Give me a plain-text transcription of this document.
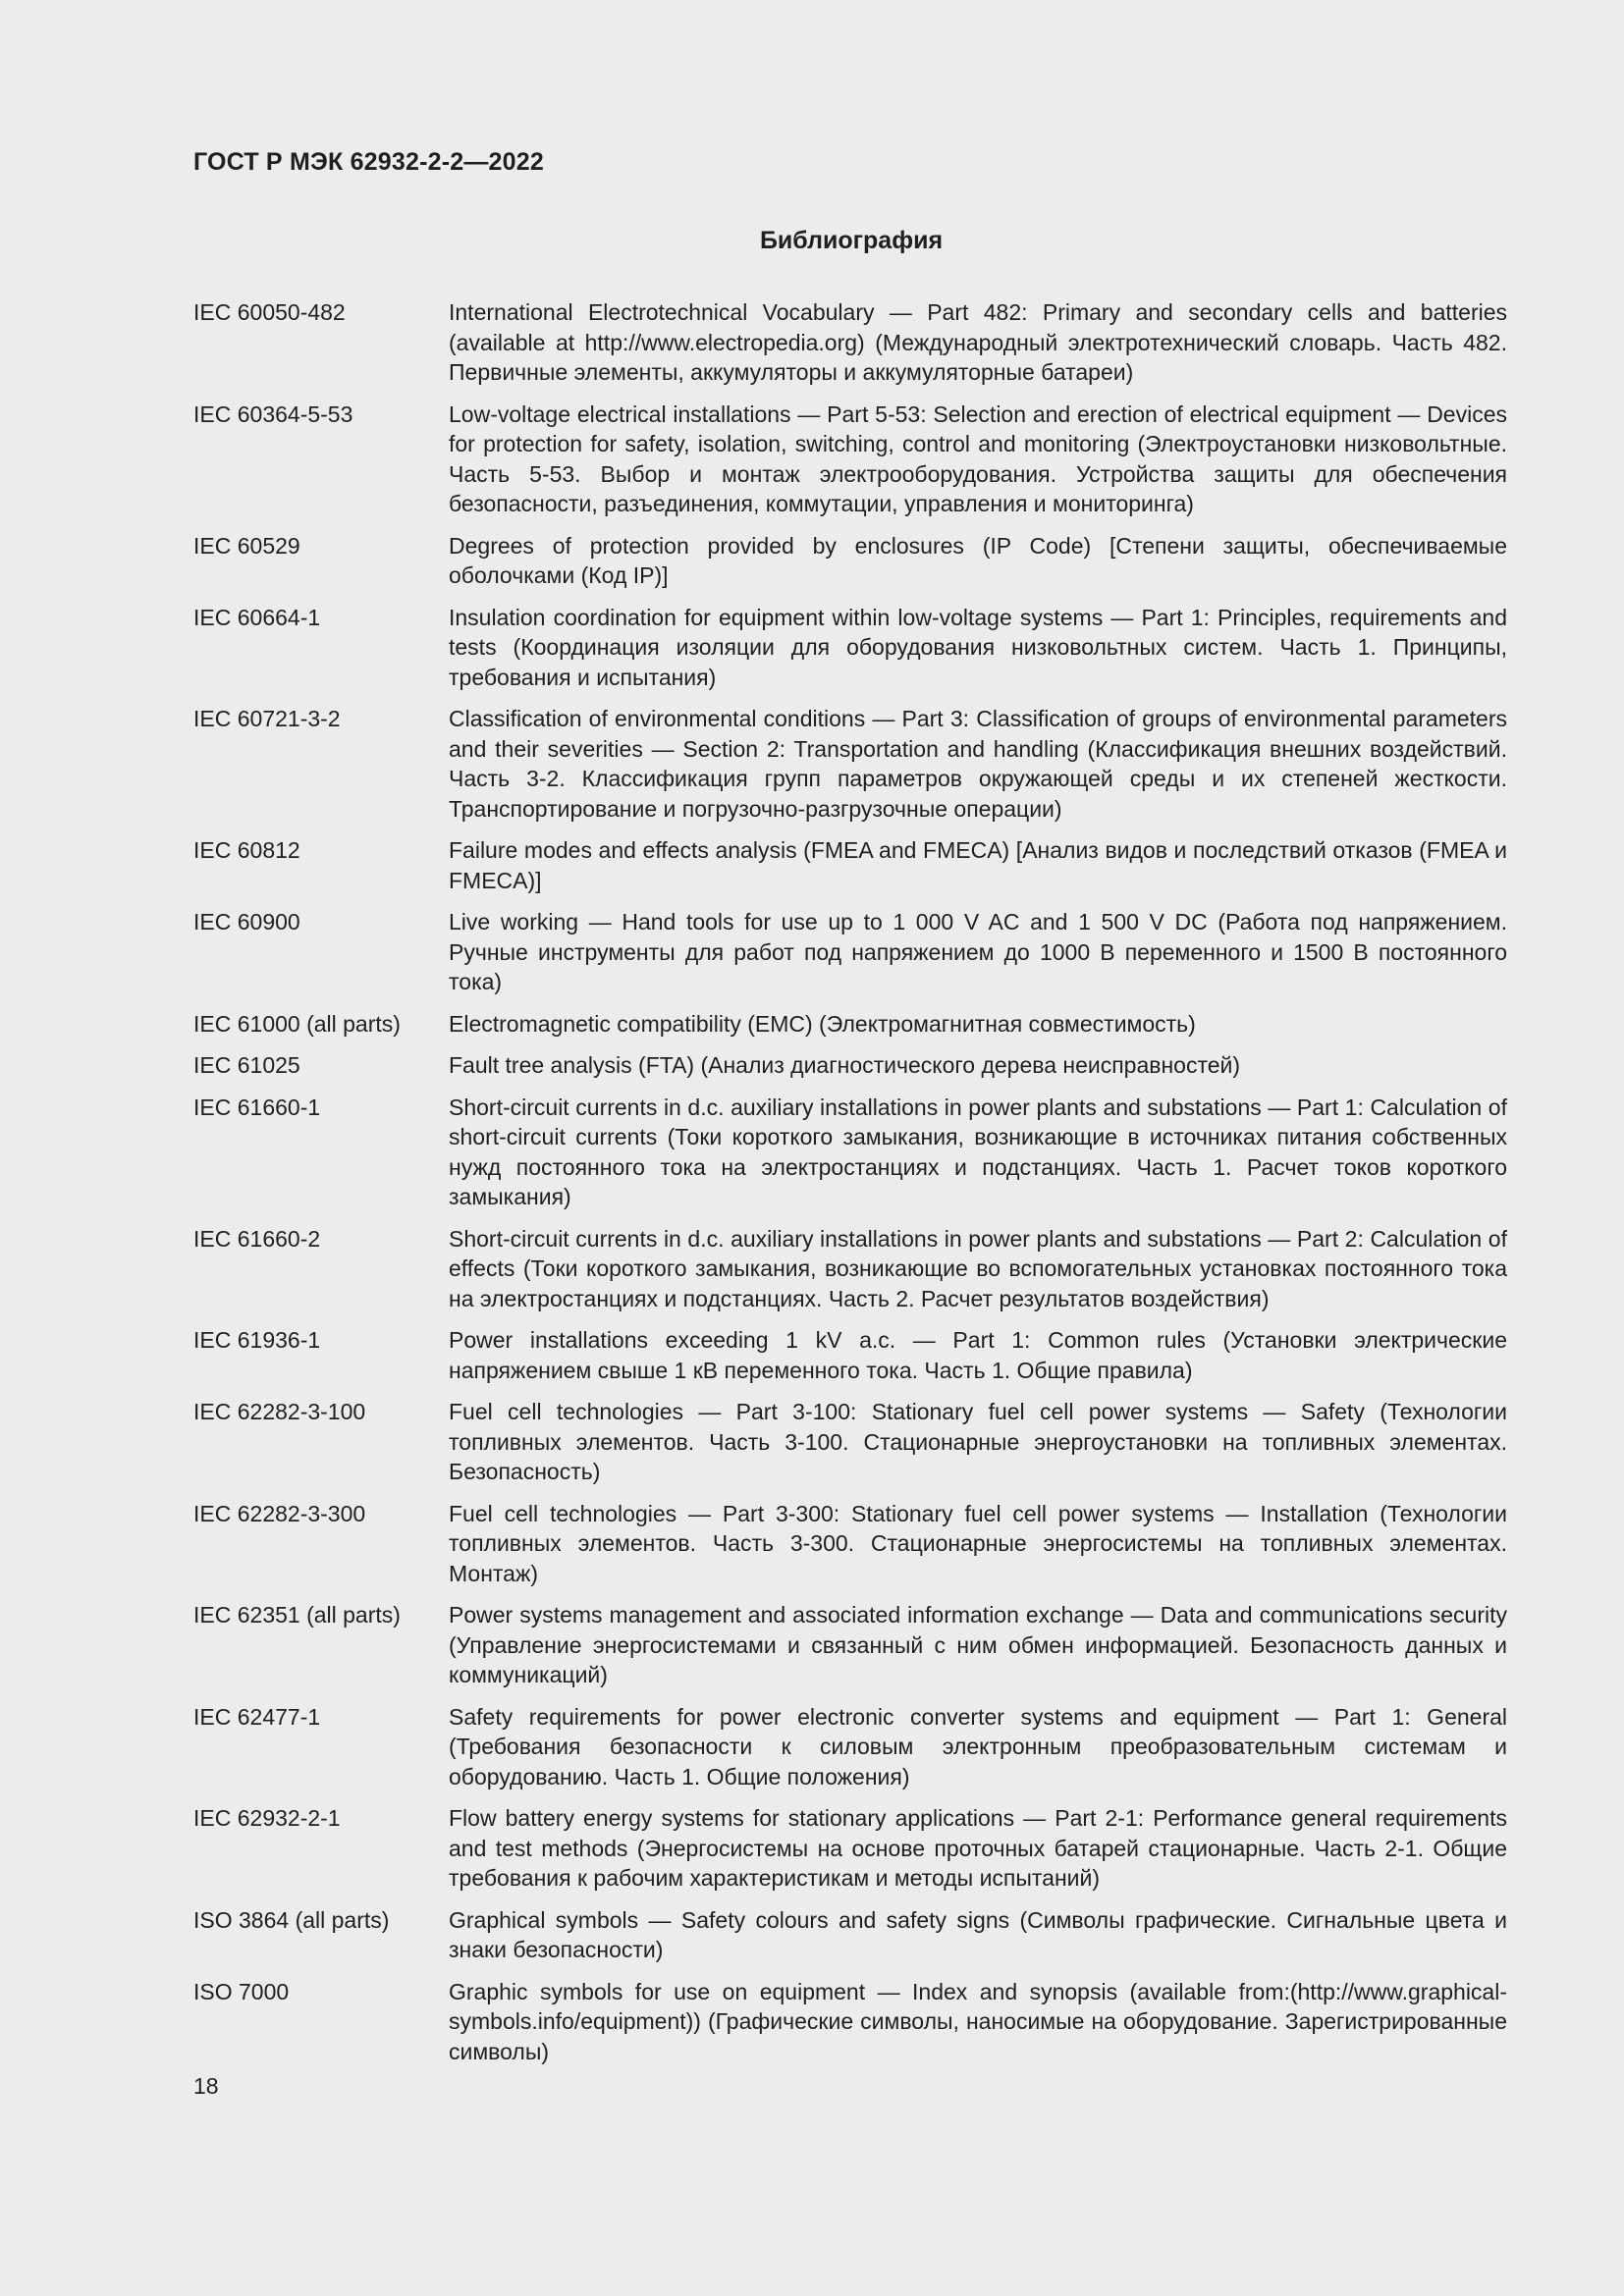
ГОСТ Р МЭК 62932-2-2—2022
Библиография
IEC 60050-482	International Electrotechnical Vocabulary — Part 482: Primary and secondary cells and batteries (available at http://www.electropedia.org) (Международный электротехнический словарь. Часть 482. Первичные элементы, аккумуляторы и аккумуляторные батареи)
IEC 60364-5-53	Low-voltage electrical installations — Part 5-53: Selection and erection of electrical equipment — Devices for protection for safety, isolation, switching, control and monitoring (Электроустановки низковольтные. Часть 5-53. Выбор и монтаж электрооборудования. Устройства защиты для обеспечения безопасности, разъединения, коммутации, управления и мониторинга)
IEC 60529	Degrees of protection provided by enclosures (IP Code) [Степени защиты, обеспечиваемые оболочками (Код IP)]
IEC 60664-1	Insulation coordination for equipment within low-voltage systems — Part 1: Principles, requirements and tests (Координация изоляции для оборудования низковольтных систем. Часть 1. Принципы, требования и испытания)
IEC 60721-3-2	Classification of environmental conditions — Part 3: Classification of groups of environmental parameters and their severities — Section 2: Transportation and handling (Классификация внешних воздействий. Часть 3-2. Классификация групп параметров окружающей среды и их степеней жесткости. Транспортирование и погрузочно-разгрузочные операции)
IEC 60812	Failure modes and effects analysis (FMEA and FMECA) [Анализ видов и последствий отказов (FMEA и FMECA)]
IEC 60900	Live working — Hand tools for use up to 1 000 V AC and 1 500 V DC (Работа под напряжением. Ручные инструменты для работ под напряжением до 1000 В переменного и 1500 В постоянного тока)
IEC 61000 (all parts)	Electromagnetic compatibility (EMC) (Электромагнитная совместимость)
IEC 61025	Fault tree analysis (FTA) (Анализ диагностического дерева неисправностей)
IEC 61660-1	Short-circuit currents in d.c. auxiliary installations in power plants and substations — Part 1: Calculation of short-circuit currents (Токи короткого замыкания, возникающие в источниках питания собственных нужд постоянного тока на электростанциях и подстанциях. Часть 1. Расчет токов короткого замыкания)
IEC 61660-2	Short-circuit currents in d.c. auxiliary installations in power plants and substations — Part 2: Calculation of effects (Токи короткого замыкания, возникающие во вспомогательных установках постоянного тока на электростанциях и подстанциях. Часть 2. Расчет результатов воздействия)
IEC 61936-1	Power installations exceeding 1 kV a.c. — Part 1: Common rules (Установки электрические напряжением свыше 1 кВ переменного тока. Часть 1. Общие правила)
IEC 62282-3-100	Fuel cell technologies — Part 3-100: Stationary fuel cell power systems — Safety (Технологии топливных элементов. Часть 3-100. Стационарные энергоустановки на топливных элементах. Безопасность)
IEC 62282-3-300	Fuel cell technologies — Part 3-300: Stationary fuel cell power systems — Installation (Технологии топливных элементов. Часть 3-300. Стационарные энергосистемы на топливных элементах. Монтаж)
IEC 62351 (all parts)	Power systems management and associated information exchange — Data and communications security (Управление энергосистемами и связанный с ним обмен информацией. Безопасность данных и коммуникаций)
IEC 62477-1	Safety requirements for power electronic converter systems and equipment — Part 1: General (Требования безопасности к силовым электронным преобразовательным системам и оборудованию. Часть 1. Общие положения)
IEC 62932-2-1	Flow battery energy systems for stationary applications — Part 2-1: Performance general requirements and test methods (Энергосистемы на основе проточных батарей стационарные. Часть 2-1. Общие требования к рабочим характеристикам и методы испытаний)
ISO 3864 (all parts)	Graphical symbols — Safety colours and safety signs (Символы графические. Сигнальные цвета и знаки безопасности)
ISO 7000	Graphic symbols for use on equipment — Index and synopsis (available from:(http://www.graphical-symbols.info/equipment)) (Графические символы, наносимые на оборудование. Зарегистрированные символы)
18
